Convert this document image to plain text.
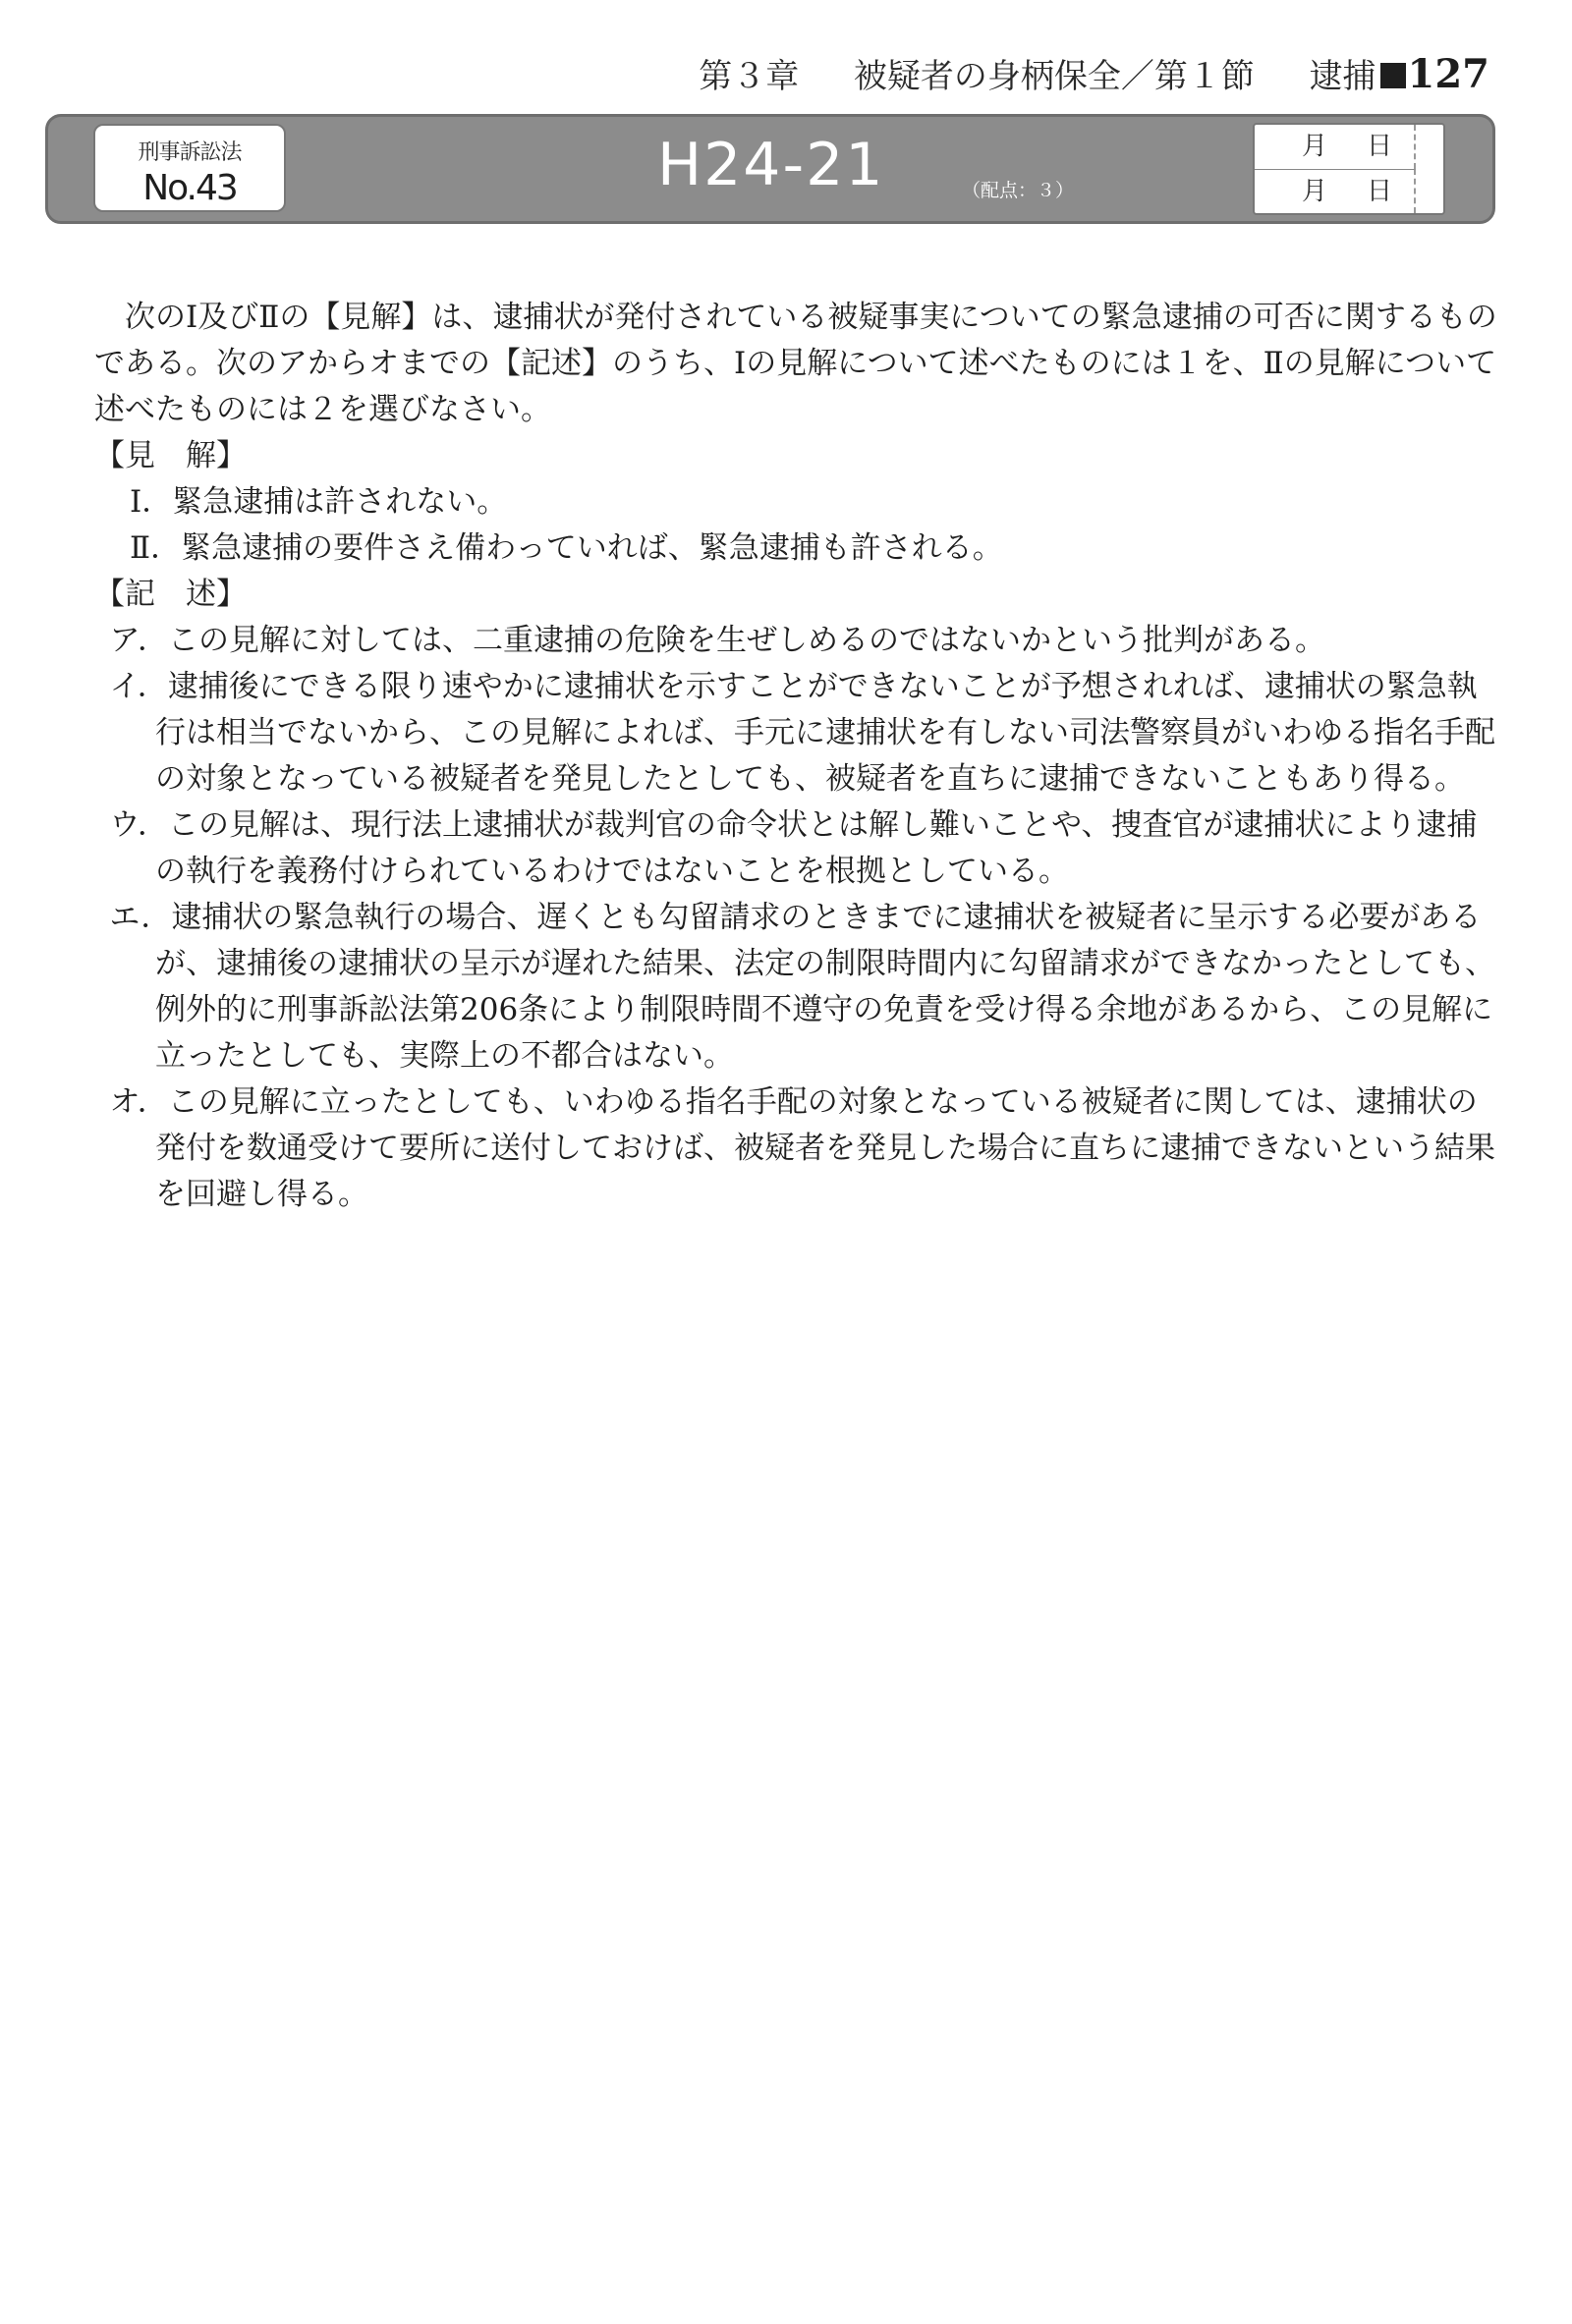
第３章 　 被疑者の身柄保全／第１節 　 逮捕 127
刑事訴訟法
No.43	H24-21	（配点：３）
月 日
月 日

次のⅠ及びⅡの【見解】は、逮捕状が発付されている被疑事実についての緊急逮捕の可否に関するものである。次のアからオまでの【記述】のうち、Ⅰの見解について述べたものには１を、Ⅱの見解について述べたものには２を選びなさい。

【見　解】

Ⅰ．緊急逮捕は許されない。

Ⅱ．緊急逮捕の要件さえ備わっていれば、緊急逮捕も許される。

【記　述】

ア．この見解に対しては、二重逮捕の危険を生ぜしめるのではないかという批判がある。

イ．逮捕後にできる限り速やかに逮捕状を示すことができないことが予想されれば、逮捕状の緊急執行は相当でないから、この見解によれば、手元に逮捕状を有しない司法警察員がいわゆる指名手配の対象となっている被疑者を発見したとしても、被疑者を直ちに逮捕できないこともあり得る。

ウ．この見解は、現行法上逮捕状が裁判官の命令状とは解し難いことや、捜査官が逮捕状により逮捕の執行を義務付けられているわけではないことを根拠としている。

エ．逮捕状の緊急執行の場合、遅くとも勾留請求のときまでに逮捕状を被疑者に呈示する必要があるが、逮捕後の逮捕状の呈示が遅れた結果、法定の制限時間内に勾留請求ができなかったとしても、例外的に刑事訴訟法第206条により制限時間不遵守の免責を受け得る余地があるから、この見解に立ったとしても、実際上の不都合はない。

オ．この見解に立ったとしても、いわゆる指名手配の対象となっている被疑者に関しては、逮捕状の発付を数通受けて要所に送付しておけば、被疑者を発見した場合に直ちに逮捕できないという結果を回避し得る。
